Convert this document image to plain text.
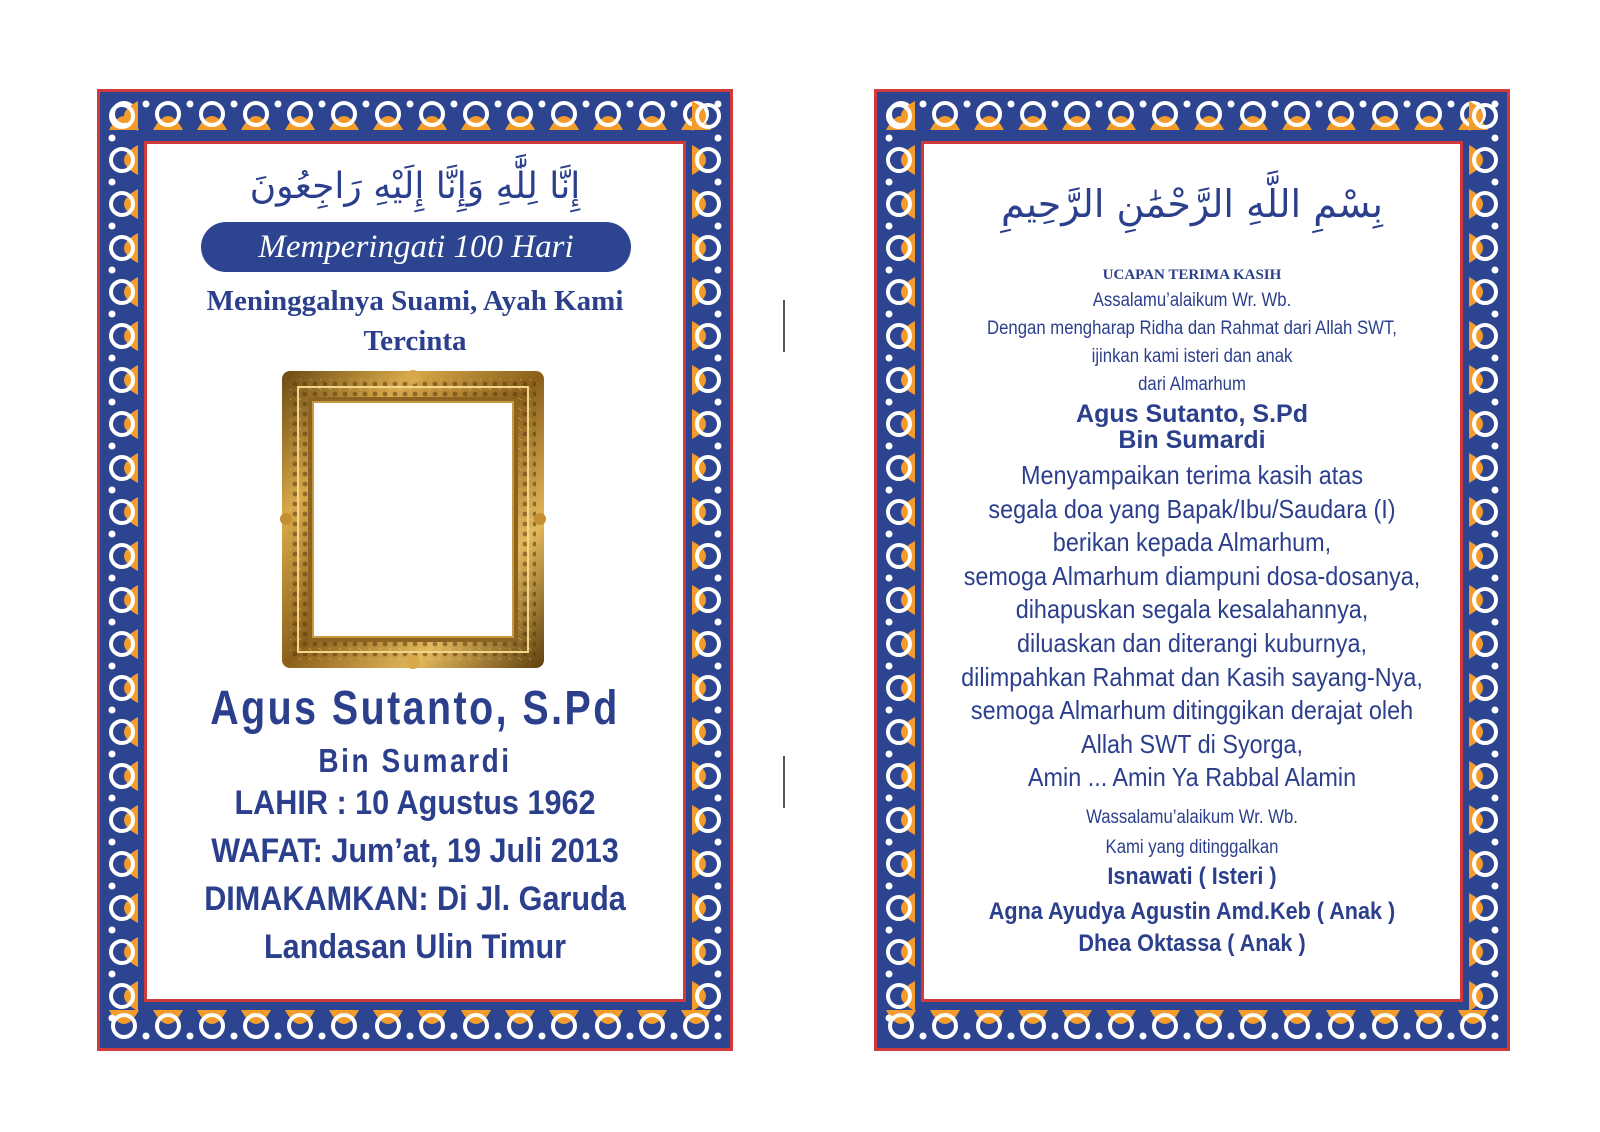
إِنَّا لِلَّٰهِ وَإِنَّا إِلَيْهِ رَاجِعُونَ
Memperingati 100 Hari
Meninggalnya Suami, Ayah Kami
Tercinta
Agus Sutanto, S.Pd
Bin Sumardi
LAHIR : 10 Agustus 1962
WAFAT: Jum’at, 19 Juli 2013
DIMAKAMKAN: Di Jl. Garuda
Landasan Ulin Timur
بِسْمِ اللَّهِ الرَّحْمَٰنِ الرَّحِيمِ
UCAPAN TERIMA KASIH
Assalamu’alaikum Wr. Wb.
Dengan mengharap Ridha dan Rahmat dari Allah SWT,
ijinkan kami isteri dan anak
dari Almarhum
Agus Sutanto, S.Pd
Bin Sumardi
Menyampaikan terima kasih atas
segala doa yang Bapak/Ibu/Saudara (I)
berikan kepada Almarhum,
semoga Almarhum diampuni dosa-dosanya,
dihapuskan segala kesalahannya,
diluaskan dan diterangi kuburnya,
dilimpahkan Rahmat dan Kasih sayang-Nya,
semoga Almarhum ditinggikan derajat oleh
Allah SWT di Syorga,
Amin ... Amin Ya Rabbal Alamin
Wassalamu’alaikum Wr. Wb.
Kami yang ditinggalkan
Isnawati ( Isteri )
Agna Ayudya Agustin Amd.Keb ( Anak )
Dhea Oktassa ( Anak )
